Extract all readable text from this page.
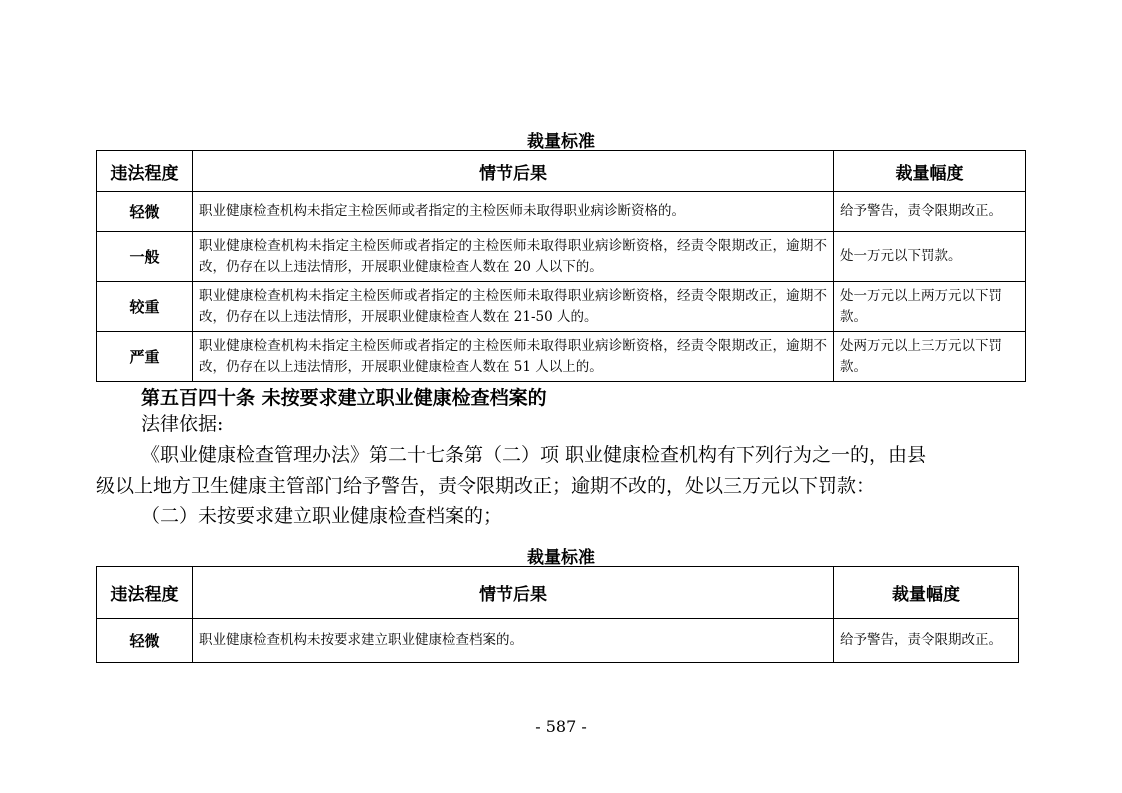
裁量标准
违法程度	情节后果	裁量幅度
轻微	职业健康检查机构未指定主检医师或者指定的主检医师未取得职业病诊断资格的。	给予警告，责令限期改正。
一般	职业健康检查机构未指定主检医师或者指定的主检医师未取得职业病诊断资格，经责令限期改正，逾期不改，仍存在以上违法情形，开展职业健康检查人数在 20 人以下的。	处一万元以下罚款。
较重	职业健康检查机构未指定主检医师或者指定的主检医师未取得职业病诊断资格，经责令限期改正，逾期不改，仍存在以上违法情形，开展职业健康检查人数在 21-50 人的。	处一万元以上两万元以下罚款。
严重	职业健康检查机构未指定主检医师或者指定的主检医师未取得职业病诊断资格，经责令限期改正，逾期不改，仍存在以上违法情形，开展职业健康检查人数在 51 人以上的。	处两万元以上三万元以下罚款。
第五百四十条 未按要求建立职业健康检查档案的
法律依据:
《职业健康检查管理办法》第二十七条第（二）项 职业健康检查机构有下列行为之一的，由县
级以上地方卫生健康主管部门给予警告，责令限期改正；逾期不改的，处以三万元以下罚款：
（二）未按要求建立职业健康检查档案的；
裁量标准
违法程度	情节后果	裁量幅度
轻微	职业健康检查机构未按要求建立职业健康检查档案的。	给予警告，责令限期改正。
- 587 -
